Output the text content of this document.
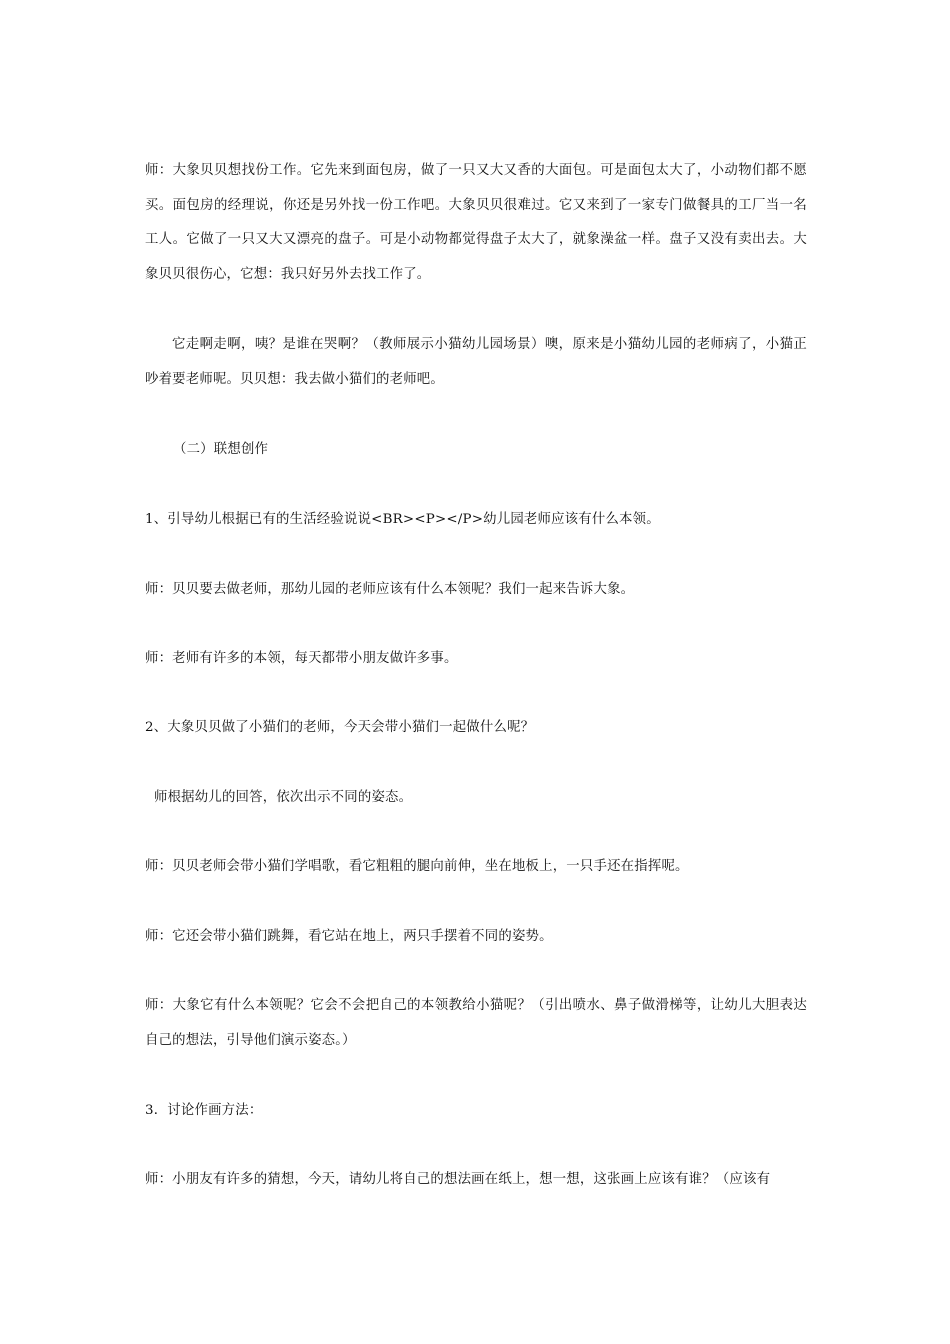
师：大象贝贝想找份工作。它先来到面包房，做了一只又大又香的大面包。可是面包太大了，小动物们都不愿买。面包房的经理说，你还是另外找一份工作吧。大象贝贝很难过。它又来到了一家专门做餐具的工厂当一名工人。它做了一只又大又漂亮的盘子。可是小动物都觉得盘子太大了，就象澡盆一样。盘子又没有卖出去。大象贝贝很伤心，它想：我只好另外去找工作了。

它走啊走啊，咦？是谁在哭啊？（教师展示小猫幼儿园场景）噢，原来是小猫幼儿园的老师病了，小猫正吵着要老师呢。贝贝想：我去做小猫们的老师吧。

（二）联想创作

1、引导幼儿根据已有的生活经验说说<BR><P></P>幼儿园老师应该有什么本领。

师：贝贝要去做老师，那幼儿园的老师应该有什么本领呢？我们一起来告诉大象。

师：老师有许多的本领，每天都带小朋友做许多事。

2、大象贝贝做了小猫们的老师，今天会带小猫们一起做什么呢？

师根据幼儿的回答，依次出示不同的姿态。

师：贝贝老师会带小猫们学唱歌，看它粗粗的腿向前伸，坐在地板上，一只手还在指挥呢。

师：它还会带小猫们跳舞，看它站在地上，两只手摆着不同的姿势。

师：大象它有什么本领呢？它会不会把自己的本领教给小猫呢？（引出喷水、鼻子做滑梯等，让幼儿大胆表达自己的想法，引导他们演示姿态。）

3．讨论作画方法：

师：小朋友有许多的猜想，今天，请幼儿将自己的想法画在纸上，想一想，这张画上应该有谁？（应该有
